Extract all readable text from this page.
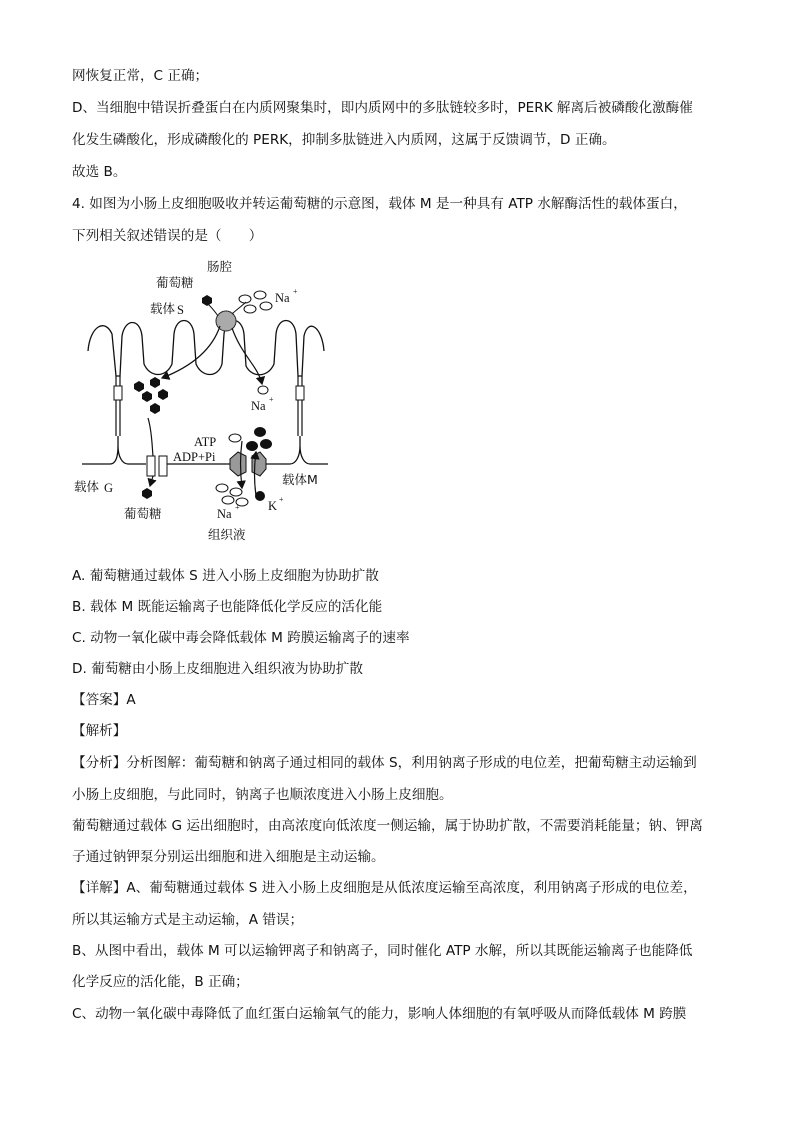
网恢复正常，C 正确；
D、当细胞中错误折叠蛋白在内质网聚集时，即内质网中的多肽链较多时，PERK 解离后被磷酸化激酶催
化发生磷酸化，形成磷酸化的 PERK，抑制多肽链进入内质网，这属于反馈调节，D 正确。
故选 B。
4. 如图为小肠上皮细胞吸收并转运葡萄糖的示意图，载体 M 是一种具有 ATP 水解酶活性的载体蛋白，
下列相关叙述错误的是（　　）
肠腔
葡萄糖
载体 S
Na +
Na +
ATP
ADP+Pi
载体M
载体 G
葡萄糖	Na + K +
组织液
A. 葡萄糖通过载体 S 进入小肠上皮细胞为协助扩散
B. 载体 M 既能运输离子也能降低化学反应的活化能
C. 动物一氧化碳中毒会降低载体 M 跨膜运输离子的速率
D. 葡萄糖由小肠上皮细胞进入组织液为协助扩散
【答案】A
【解析】
【分析】分析图解：葡萄糖和钠离子通过相同的载体 S，利用钠离子形成的电位差，把葡萄糖主动运输到
小肠上皮细胞，与此同时，钠离子也顺浓度进入小肠上皮细胞。
葡萄糖通过载体 G 运出细胞时，由高浓度向低浓度一侧运输，属于协助扩散，不需要消耗能量；钠、钾离
子通过钠钾泵分别运出细胞和进入细胞是主动运输。
【详解】A、葡萄糖通过载体 S 进入小肠上皮细胞是从低浓度运输至高浓度，利用钠离子形成的电位差，
所以其运输方式是主动运输，A 错误；
B、从图中看出，载体 M 可以运输钾离子和钠离子，同时催化 ATP 水解，所以其既能运输离子也能降低
化学反应的活化能，B 正确；
C、动物一氧化碳中毒降低了血红蛋白运输氧气的能力，影响人体细胞的有氧呼吸从而降低载体 M 跨膜
